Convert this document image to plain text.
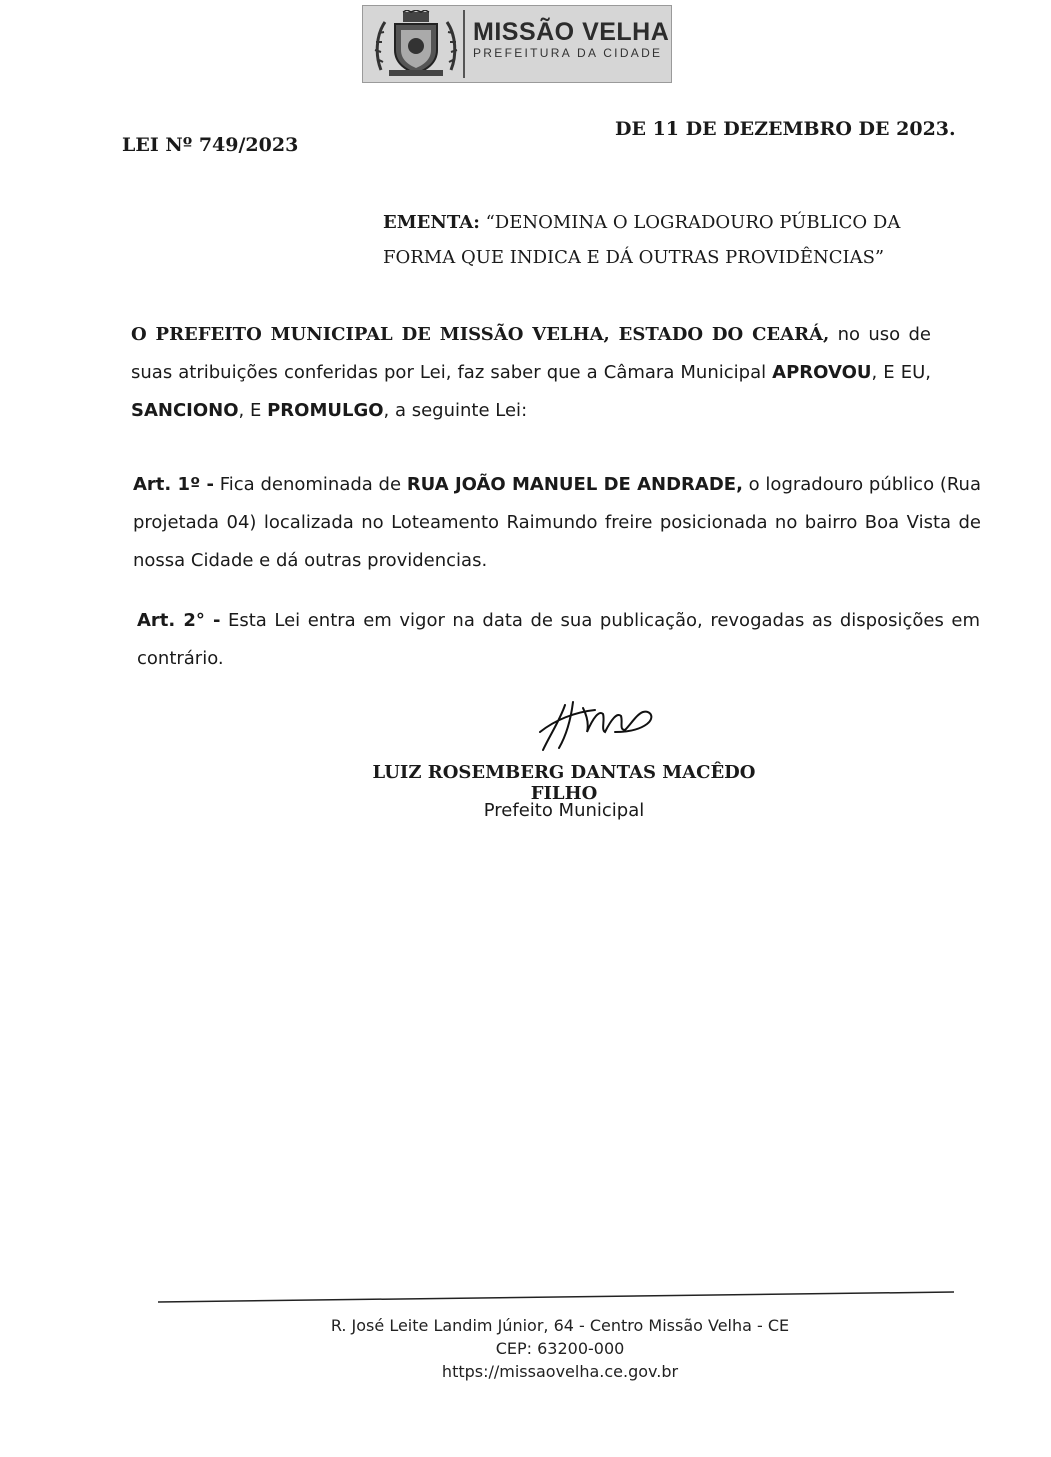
MISSÃO VELHA
PREFEITURA DA CIDADE
LEI Nº 749/2023
DE 11 DE DEZEMBRO DE 2023.
EMENTA: “DENOMINA O LOGRADOURO PÚBLICO DA FORMA QUE INDICA E DÁ OUTRAS PROVIDÊNCIAS”
O PREFEITO MUNICIPAL DE MISSÃO VELHA, ESTADO DO CEARÁ, no uso de suas atribuições conferidas por Lei, faz saber que a Câmara Municipal APROVOU, E EU, SANCIONO, E PROMULGO, a seguinte Lei:
Art. 1º - Fica denominada de RUA JOÃO MANUEL DE ANDRADE, o logradouro público (Rua projetada 04) localizada no Loteamento Raimundo freire posicionada no bairro Boa Vista de nossa Cidade e dá outras providencias.
Art. 2° - Esta Lei entra em vigor na data de sua publicação, revogadas as disposições em contrário.
LUIZ ROSEMBERG DANTAS MACÊDO FILHO
Prefeito Municipal
R. José Leite Landim Júnior, 64 - Centro Missão Velha - CE
CEP: 63200-000
https://missaovelha.ce.gov.br
